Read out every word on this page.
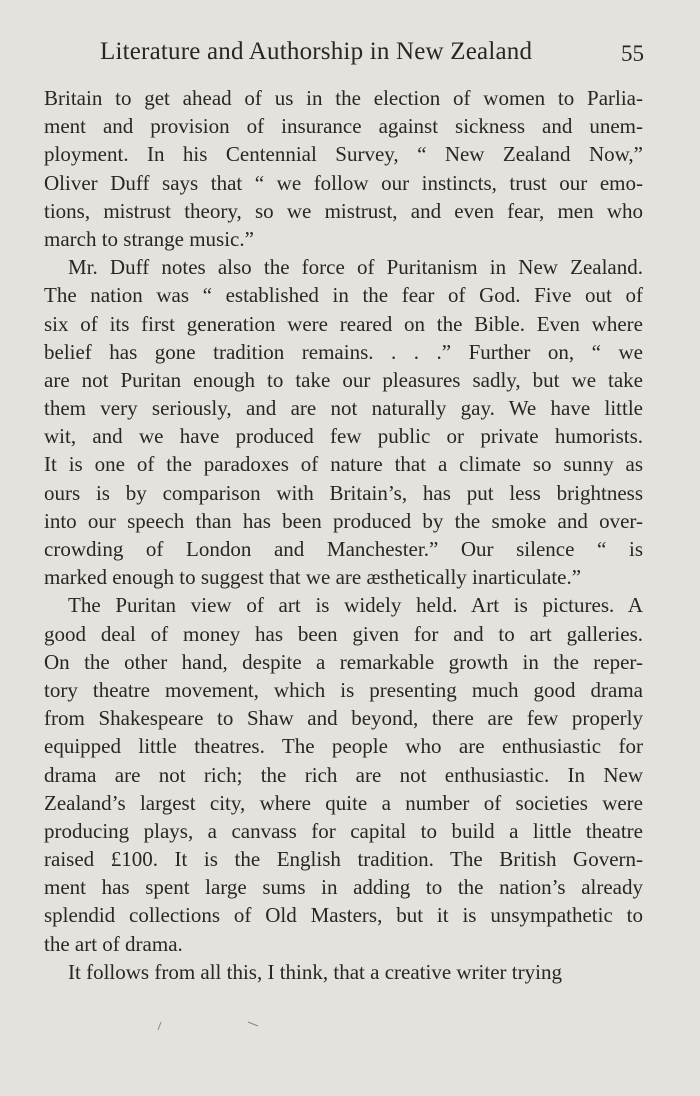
Literature and Authorship in New Zealand	55
Britain to get ahead of us in the election of women to Parlia-
ment and provision of insurance against sickness and unem-
ployment. In his Centennial Survey, “ New Zealand Now,”
Oliver Duff says that “ we follow our instincts, trust our emo-
tions, mistrust theory, so we mistrust, and even fear, men who
march to strange music.”
Mr. Duff notes also the force of Puritanism in New Zealand.
The nation was “ established in the fear of God. Five out of
six of its first generation were reared on the Bible. Even where
belief has gone tradition remains. . . .” Further on, “ we
are not Puritan enough to take our pleasures sadly, but we take
them very seriously, and are not naturally gay. We have little
wit, and we have produced few public or private humorists.
It is one of the paradoxes of nature that a climate so sunny as
ours is by comparison with Britain’s, has put less brightness
into our speech than has been produced by the smoke and over-
crowding of London and Manchester.” Our silence “ is
marked enough to suggest that we are æsthetically inarticulate.”
The Puritan view of art is widely held. Art is pictures. A
good deal of money has been given for and to art galleries.
On the other hand, despite a remarkable growth in the reper-
tory theatre movement, which is presenting much good drama
from Shakespeare to Shaw and beyond, there are few properly
equipped little theatres. The people who are enthusiastic for
drama are not rich; the rich are not enthusiastic. In New
Zealand’s largest city, where quite a number of societies were
producing plays, a canvass for capital to build a little theatre
raised £100. It is the English tradition. The British Govern-
ment has spent large sums in adding to the nation’s already
splendid collections of Old Masters, but it is unsympathetic to
the art of drama.
It follows from all this, I think, that a creative writer trying
